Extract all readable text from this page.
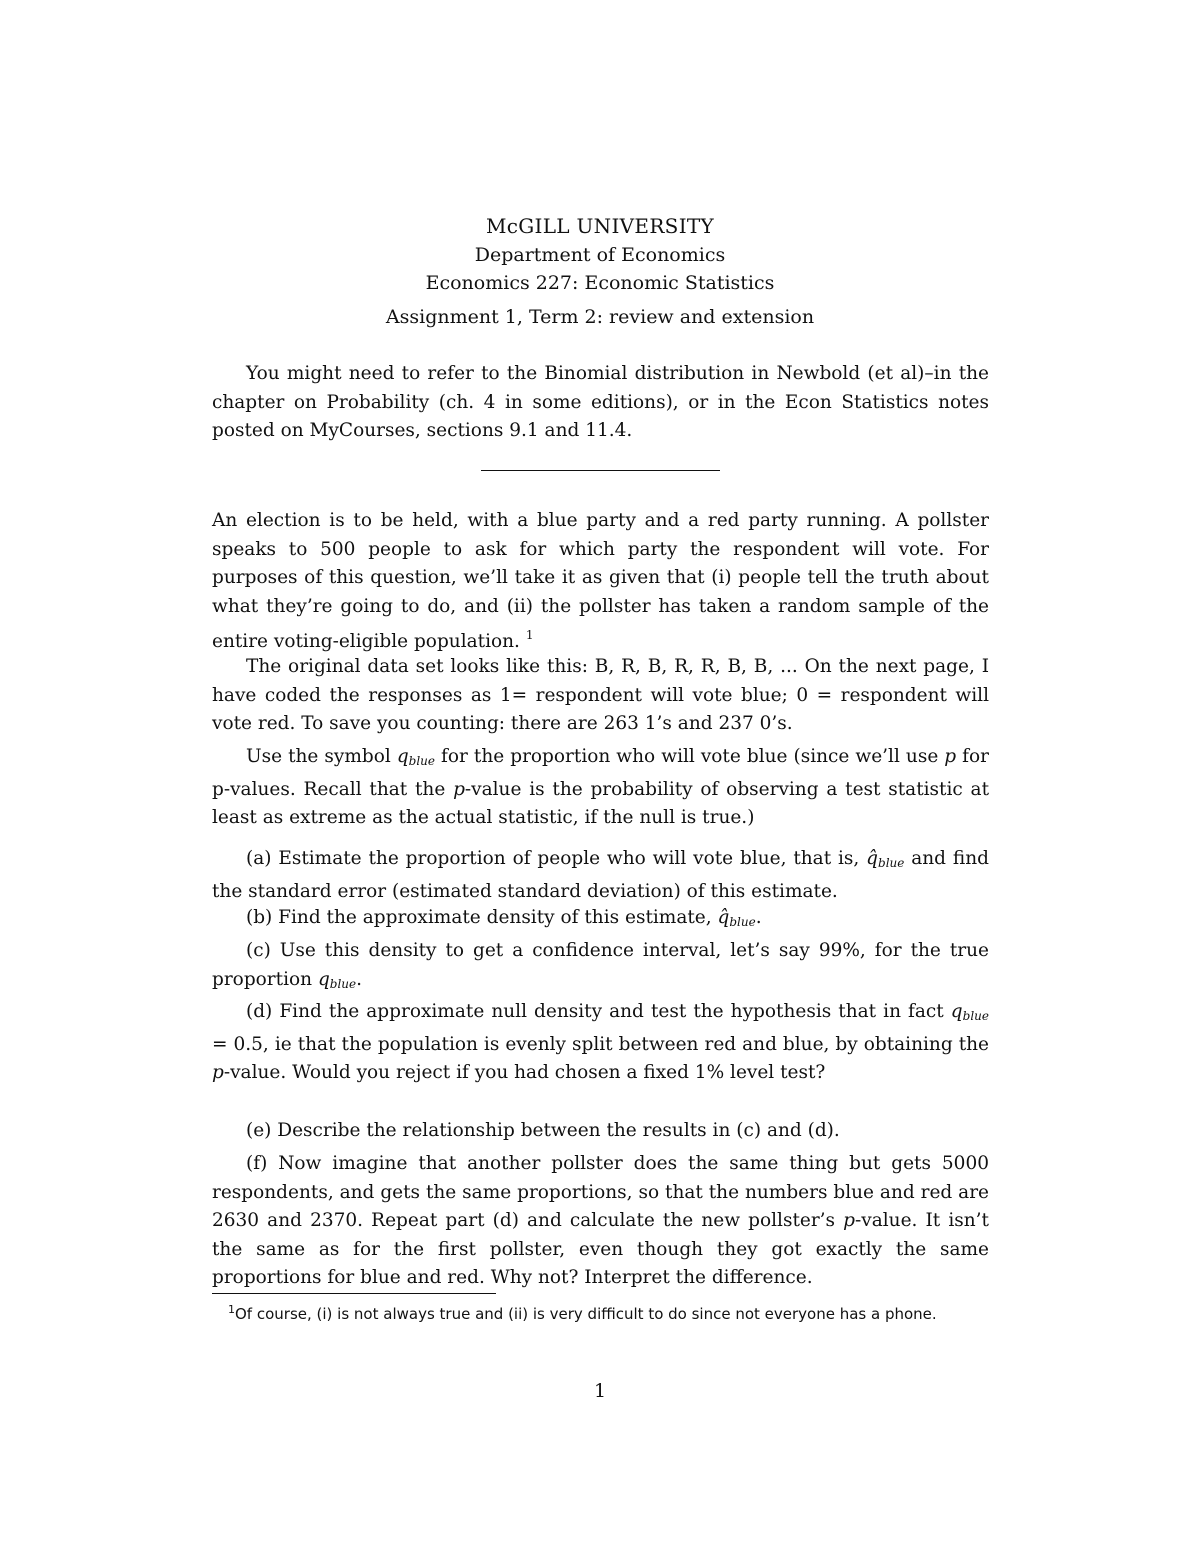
McGILL UNIVERSITY
Department of Economics
Economics 227: Economic Statistics
Assignment 1, Term 2: review and extension

You might need to refer to the Binomial distribution in Newbold (et al)–in the chapter on Probability (ch. 4 in some editions), or in the Econ Statistics notes posted on MyCourses, sections 9.1 and 11.4.

An election is to be held, with a blue party and a red party running. A pollster speaks to 500 people to ask for which party the respondent will vote. For purposes of this question, we’ll take it as given that (i) people tell the truth about what they’re going to do, and (ii) the pollster has taken a random sample of the entire voting-eligible population. $^1$

The original data set looks like this: B, R, B, R, R, B, B, ... On the next page, I have coded the responses as 1= respondent will vote blue; 0 = respondent will vote red. To save you counting: there are 263 1’s and 237 0’s.

Use the symbol $q_{blue}$ for the proportion who will vote blue (since we’ll use p for p-values. Recall that the p-value is the probability of observing a test statistic at least as extreme as the actual statistic, if the null is true.)

(a) Estimate the proportion of people who will vote blue, that is, $q̂_{blue}$ and find the standard error (estimated standard deviation) of this estimate.

(b) Find the approximate density of this estimate, $q̂_{blue}$.

(c) Use this density to get a confidence interval, let’s say 99%, for the true proportion $q_{blue}$.

(d) Find the approximate null density and test the hypothesis that in fact $q_{blue} = 0.5$, ie that the population is evenly split between red and blue, by obtaining the p-value. Would you reject if you had chosen a fixed 1% level test?

(e) Describe the relationship between the results in (c) and (d).

(f) Now imagine that another pollster does the same thing but gets 5000 respondents, and gets the same proportions, so that the numbers blue and red are 2630 and 2370. Repeat part (d) and calculate the new pollster’s p-value. It isn’t the same as for the first pollster, even though they got exactly the same proportions for blue and red. Why not? Interpret the difference.

$^1$Of course, (i) is not always true and (ii) is very difficult to do since not everyone has a phone.

1
